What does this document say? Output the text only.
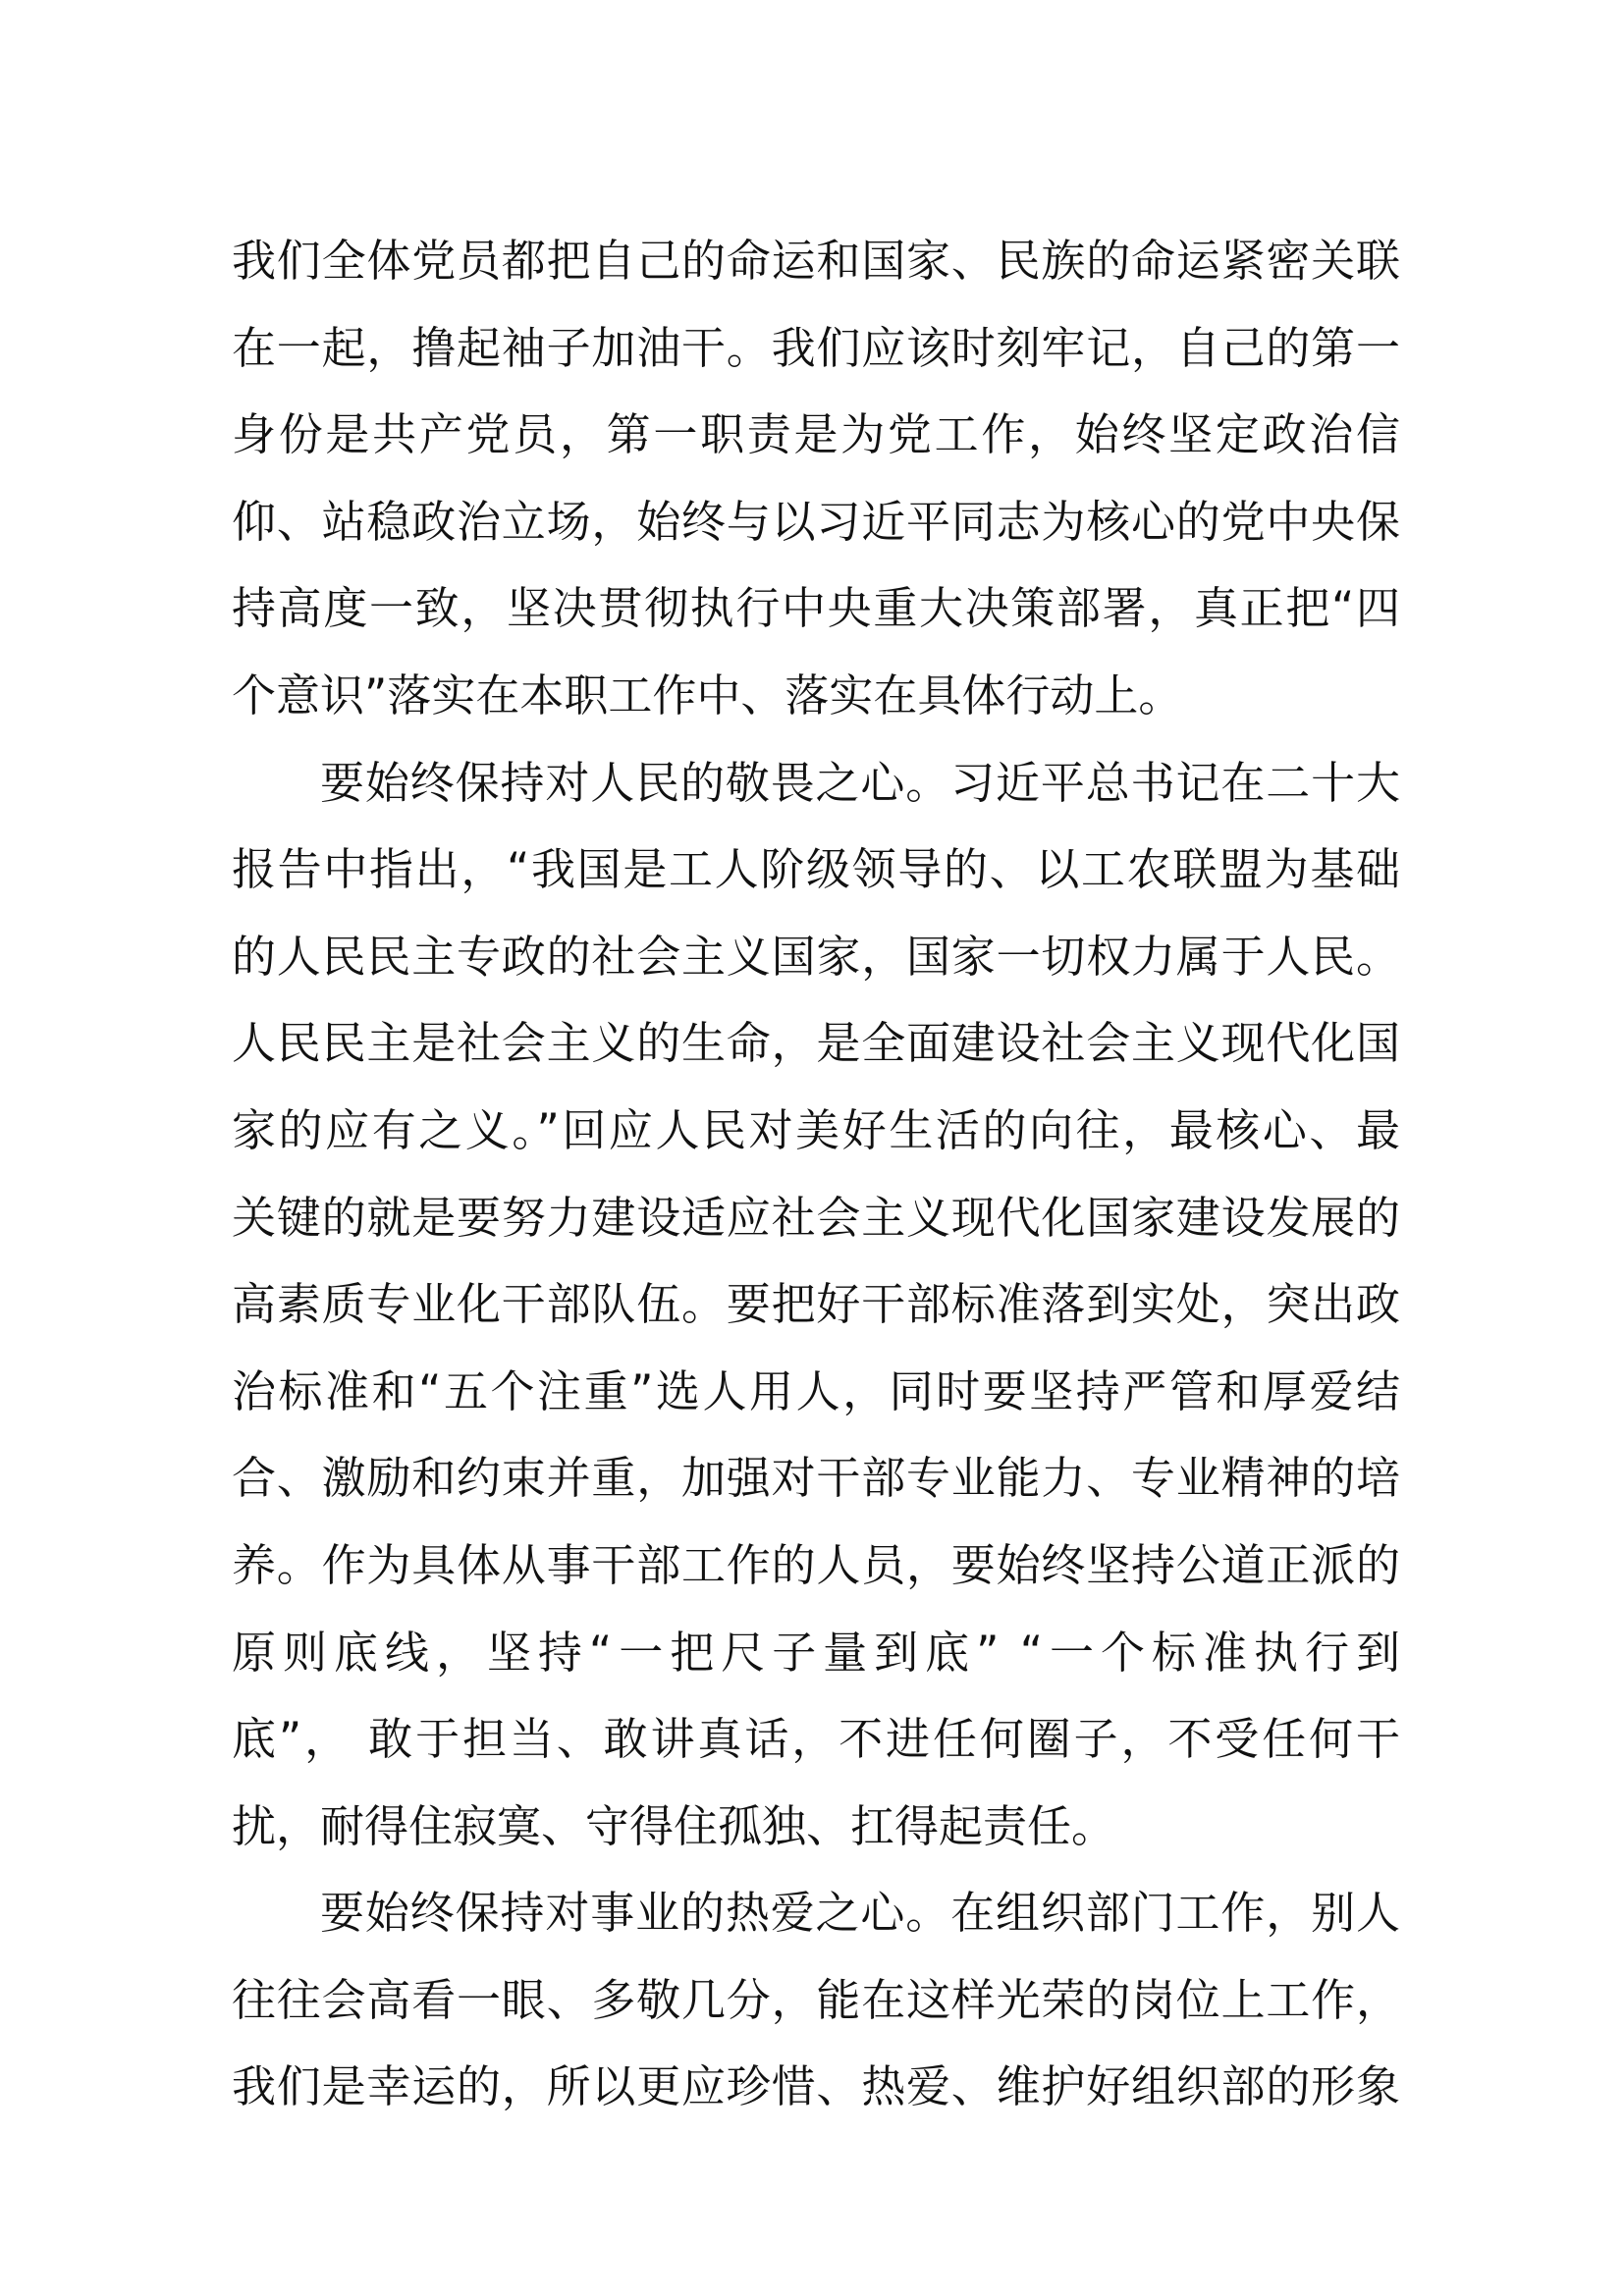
我们全体党员都把自己的命运和国家、民族的命运紧密关联
在一起，撸起袖子加油干。我们应该时刻牢记，自己的第一
身份是共产党员，第一职责是为党工作，始终坚定政治信
仰、站稳政治立场，始终与以习近平同志为核心的党中央保
持高度一致，坚决贯彻执行中央重大决策部署，真正把“四
个意识”落实在本职工作中、落实在具体行动上。
要始终保持对人民的敬畏之心。习近平总书记在二十大
报告中指出，“我国是工人阶级领导的、以工农联盟为基础
的人民民主专政的社会主义国家，国家一切权力属于人民。
人民民主是社会主义的生命，是全面建设社会主义现代化国
家的应有之义。”回应人民对美好生活的向往，最核心、最
关键的就是要努力建设适应社会主义现代化国家建设发展的
高素质专业化干部队伍。要把好干部标准落到实处，突出政
治标准和“五个注重”选人用人，同时要坚持严管和厚爱结
合、激励和约束并重，加强对干部专业能力、专业精神的培
养。作为具体从事干部工作的人员，要始终坚持公道正派的
原则底线，坚持“一把尺子量到底” “一个标准执行到
底”， 敢于担当、敢讲真话，不进任何圈子，不受任何干
扰，耐得住寂寞、守得住孤独、扛得起责任。
要始终保持对事业的热爱之心。在组织部门工作，别人
往往会高看一眼、多敬几分，能在这样光荣的岗位上工作，
我们是幸运的，所以更应珍惜、热爱、维护好组织部的形象
